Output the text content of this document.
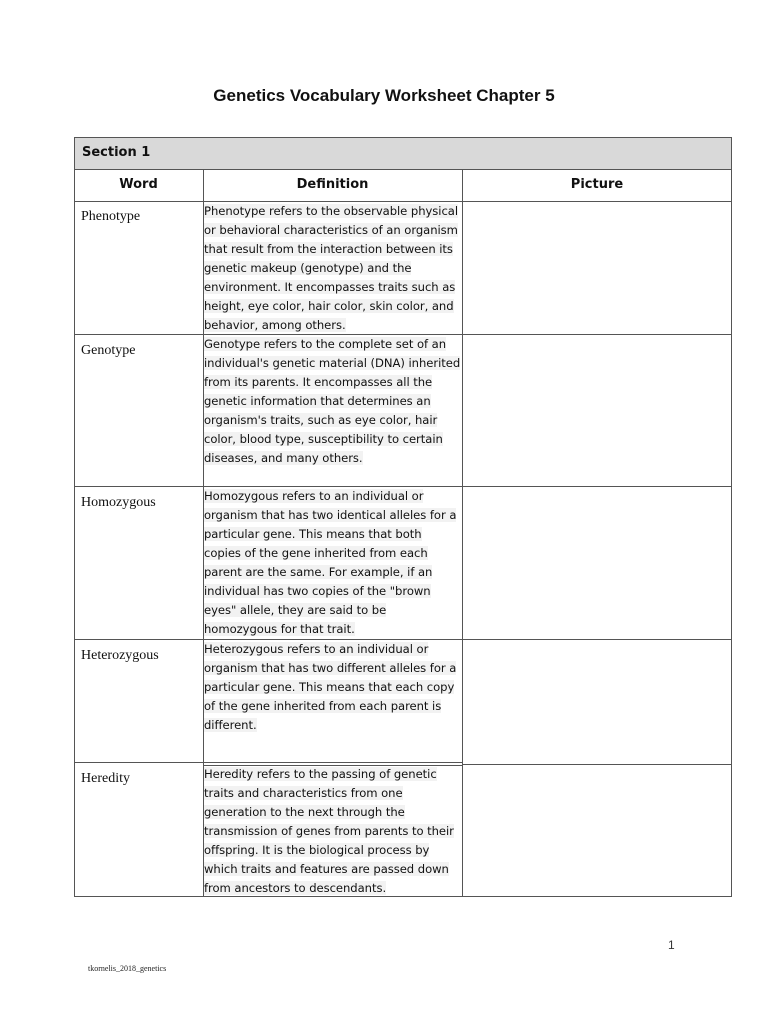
Genetics Vocabulary Worksheet Chapter 5
Section 1
Word	Definition	Picture
Phenotype	Phenotype refers to the observable physical or behavioral characteristics of an organism that result from the interaction between its genetic makeup (genotype) and the environment. It encompasses traits such as height, eye color, hair color, skin color, and behavior, among others.
Genotype	Genotype refers to the complete set of an individual's genetic material (DNA) inherited from its parents. It encompasses all the genetic information that determines an organism's traits, such as eye color, hair color, blood type, susceptibility to certain diseases, and many others.
Homozygous	Homozygous refers to an individual or organism that has two identical alleles for a particular gene. This means that both copies of the gene inherited from each parent are the same. For example, if an individual has two copies of the "brown eyes" allele, they are said to be homozygous for that trait.
Heterozygous	Heterozygous refers to an individual or organism that has two different alleles for a particular gene. This means that each copy of the gene inherited from each parent is different.
Heredity	Heredity refers to the passing of genetic traits and characteristics from one generation to the next through the transmission of genes from parents to their offspring. It is the biological process by which traits and features are passed down from ancestors to descendants.
1
tkornelis_2018_genetics
